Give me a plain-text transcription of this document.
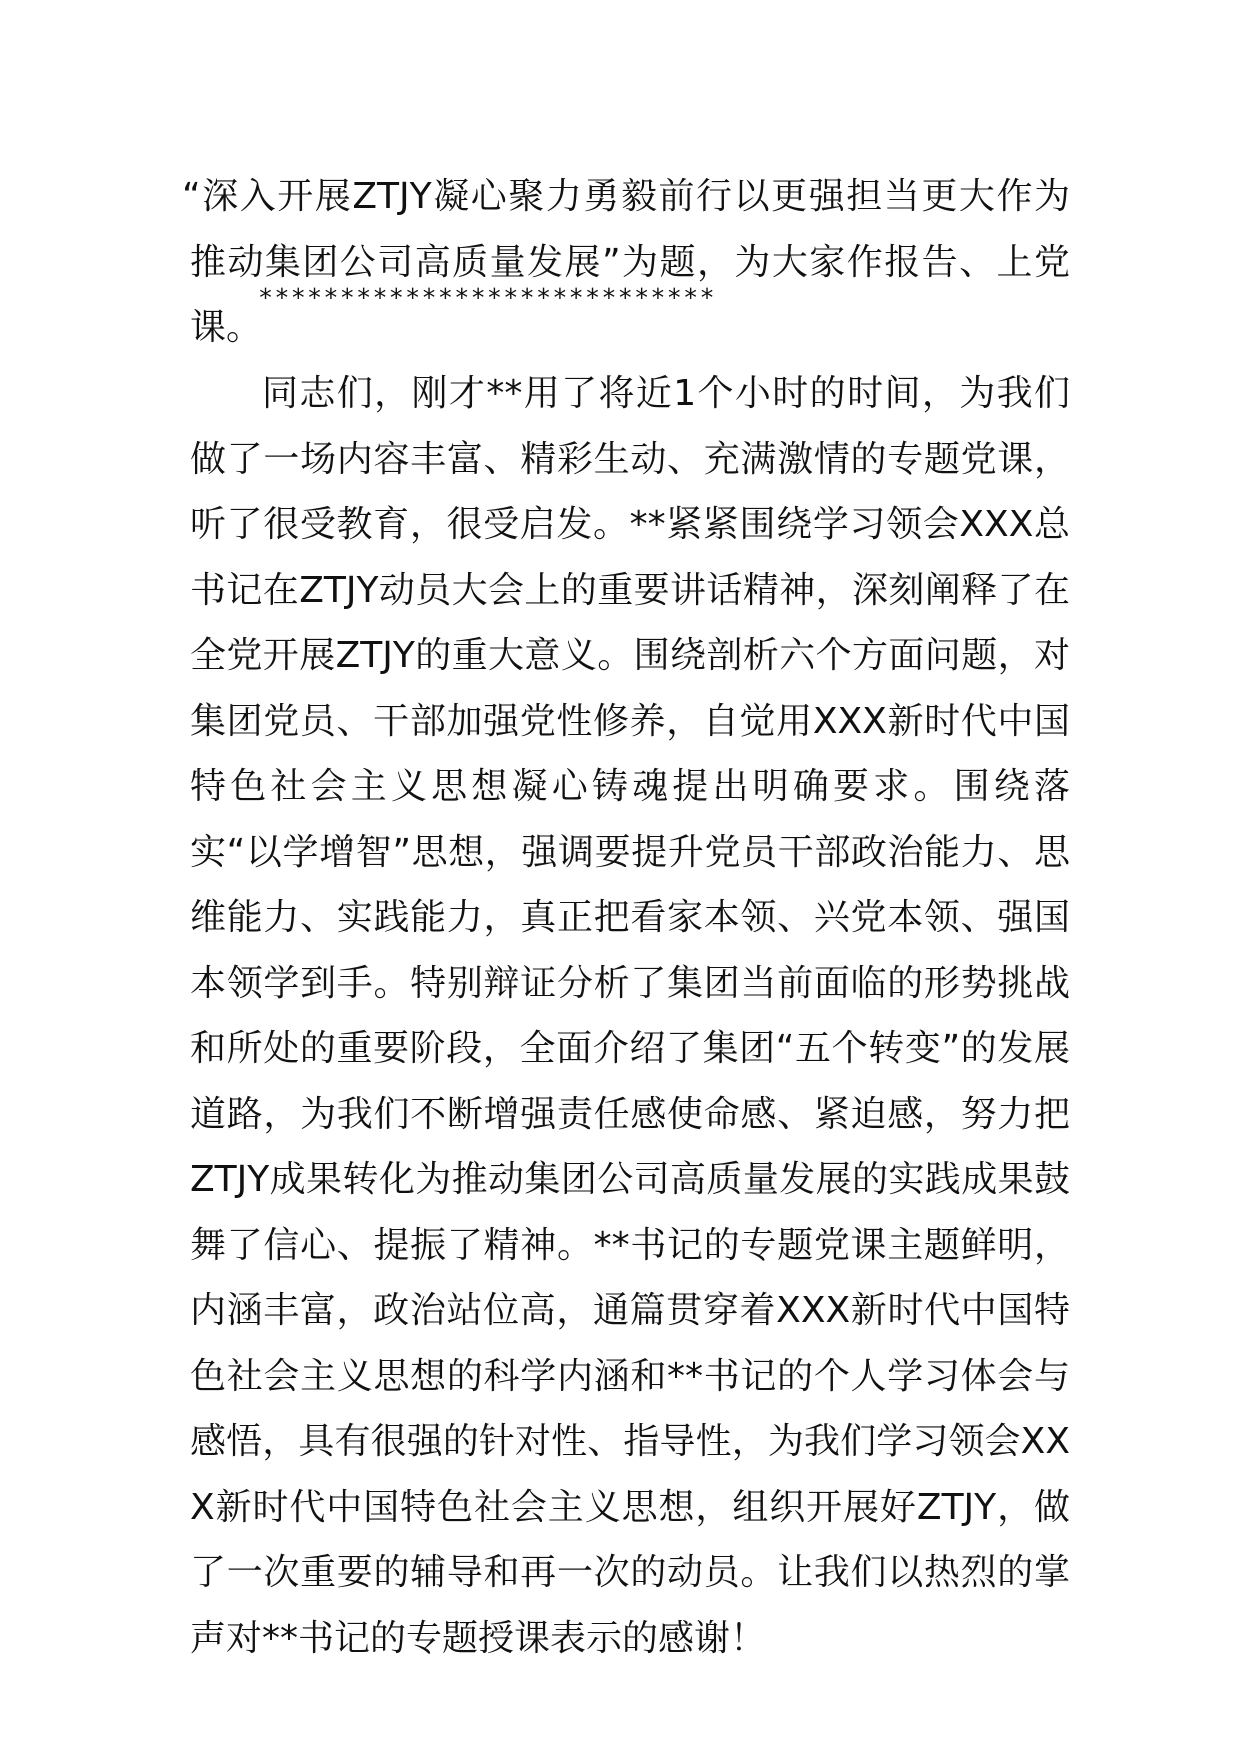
“深入开展ZTJY凝心聚力勇毅前行以更强担当更大作为推动集团公司高质量发展”为题，为大家作报告、上党课。

****************************

同志们，刚才**用了将近1个小时的时间，为我们做了一场内容丰富、精彩生动、充满激情的专题党课，听了很受教育，很受启发。**紧紧围绕学习领会XXX总书记在ZTJY动员大会上的重要讲话精神，深刻阐释了在全党开展ZTJY的重大意义。围绕剖析六个方面问题，对集团党员、干部加强党性修养，自觉用XXX新时代中国特色社会主义思想凝心铸魂提出明确要求。围绕落实“以学增智”思想，强调要提升党员干部政治能力、思维能力、实践能力，真正把看家本领、兴党本领、强国本领学到手。特别辩证分析了集团当前面临的形势挑战和所处的重要阶段，全面介绍了集团“五个转变”的发展道路，为我们不断增强责任感使命感、紧迫感，努力把ZTJY成果转化为推动集团公司高质量发展的实践成果鼓舞了信心、提振了精神。**书记的专题党课主题鲜明，内涵丰富，政治站位高，通篇贯穿着XXX新时代中国特色社会主义思想的科学内涵和**书记的个人学习体会与感悟，具有很强的针对性、指导性，为我们学习领会XXX新时代中国特色社会主义思想，组织开展好ZTJY，做了一次重要的辅导和再一次的动员。让我们以热烈的掌声对**书记的专题授课表示的感谢！
